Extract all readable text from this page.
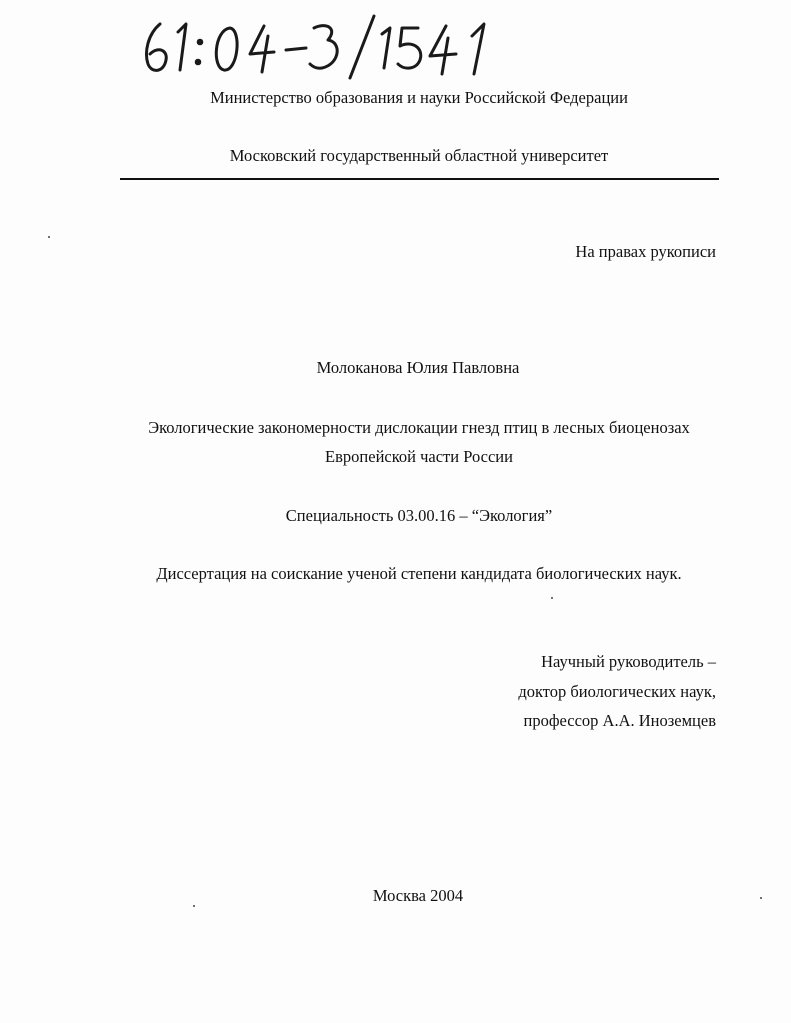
Министерство образования и науки Российской Федерации
Московский государственный областной университет
На правах рукописи
Молоканова Юлия Павловна
Экологические закономерности дислокации гнезд птиц в лесных биоценозах
Европейской части России
Специальность 03.00.16 – “Экология”
Диссертация на соискание ученой степени кандидата биологических наук.
Научный руководитель –
доктор биологических наук,
профессор А.А. Иноземцев
Москва 2004
